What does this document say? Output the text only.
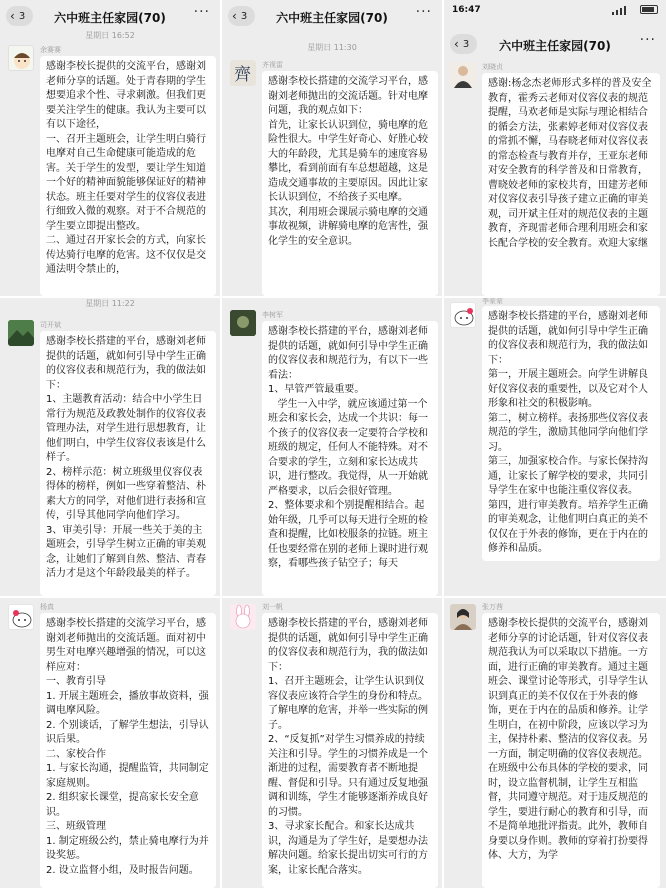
‹ 3	六中班主任家园(70)	···
星期日 16:52
余赛赛
感谢李校长提供的交流平台，感谢刘老师分享的话题。处于青春期的学生想要追求个性、寻求刺激。但我们更要关注学生的健康。我认为主要可以有以下途径，
一、召开主题班会，让学生明白骑行电摩对自己生命健康可能造成的危害。关于学生的发型，要让学生知道一个好的精神面貌能够保证好的精神状态。班主任要对学生的仪容仪表进行细致入微的观察。对于不合规范的学生要立即提出整改。
二、通过召开家长会的方式，向家长传达骑行电摩的危害。这不仅仅是交通法明令禁止的，
‹ 3	六中班主任家园(70)	···
星期日 11:30
齊 齐视雷
感谢李校长搭建的交流学习平台，感谢刘老师抛出的交流话题。针对电摩问题，我的观点如下：
首先，让家长认识到位，骑电摩的危险性很大。中学生好奇心、好胜心较大的年龄段，尤其是骑车的速度容易攀比，看到前面有车总想超越，这是造成交通事故的主要原因。因此让家长认识到位，不给孩子买电摩。
其次，利用班会课展示骑电摩的交通事故视频，讲解骑电摩的危害性，强化学生的安全意识。
16:47
‹ 3	六中班主任家园(70)	···
刘晓贞
感谢:杨念杰老师形式多样的普及安全教育，霍秀云老师对仪容仪表的规范提醒，马欢老师是实际与理论相结合的循会方法，张素婷老师对仪容仪表的常抓不懈，马春晓老师对仪容仪表的常态检查与教育并存，王亚东老师对安全教育的科学普及和日常教育，曹晓姣老师的家校共育，田建芳老师对仪容仪表引导孩子建立正确的审美观，司开斌主任对的规范仪表的主题教育，齐现雷老师合理利用班会和家长配合学校的安全教育。欢迎大家继
星期日 11:22
司开斌
感谢李校长搭建的平台，感谢刘老师提供的话题，就如何引导中学生正确的仪容仪表和规范行为，我的做法如下：
1、主题教育活动：结合中小学生日常行为规范及政教处制作的仪容仪表管理办法，对学生进行思想教育，让他们明白，中学生仪容仪表该是什么样子。
2、榜样示范：树立班级里仪容仪表得体的榜样，例如一些穿着整洁、朴素大方的同学，对他们进行表扬和宣传，引导其他同学向他们学习。
3、审美引导：开展一些关于美的主题班会，引导学生树立正确的审美观念，让她们了解到自然、整洁、青春活力才是这个年龄段最美的样子。
李树军
感谢李校长搭建的平台，感谢刘老师提供的话题，就如何引导中学生正确的仪容仪表和规范行为，有以下一些看法：
1、早管严管最重要。
学生一入中学，就应该通过第一个班会和家长会，达成一个共识：每一个孩子的仪容仪表一定要符合学校和班级的规定，任何人不能特殊。对不合要求的学生，立刻和家长达成共识，进行整改。我觉得，从一开始就严格要求，以后会很好管理。
2、整体要求和个别提醒相结合。起始年级，几乎可以每天进行全班的检查和提醒，比如校服条的拉链。班主任也要经常在别的老师上课时进行观察，看哪些孩子钻空子；每天
李蒙蒙
感谢李校长搭建的平台，感谢刘老师提供的话题，就如何引导中学生正确的仪容仪表和规范行为，我的做法如下：
第一，开展主题班会。向学生讲解良好仪容仪表的重要性，以及它对个人形象和社交的积极影响。
第二，树立榜样。表扬那些仪容仪表规范的学生，激励其他同学向他们学习。
第三，加强家校合作。与家长保持沟通，让家长了解学校的要求，共同引导学生在家中也能注重仪容仪表。
第四，进行审美教育。培养学生正确的审美观念，让他们明白真正的美不仅仅在于外表的修饰，更在于内在的修养和品质。
杨真
感谢李校长搭建的交流学习平台，感谢刘老师抛出的交流话题。面对初中男生对电摩兴趣增强的情况，可以这样应对：
一、教育引导
1. 开展主题班会，播放事故资料，强调电摩风险。
2. 个别谈话，了解学生想法，引导认识后果。
二、家校合作
1. 与家长沟通，提醒监管，共同制定家庭规则。
2. 组织家长课堂，提高家长安全意识。
三、班级管理
1. 制定班级公约，禁止骑电摩行为并设奖惩。
2. 设立监督小组，及时报告问题。
刘一帆
感谢李校长搭建的平台，感谢刘老师提供的话题，就如何引导中学生正确的仪容仪表和规范行为，我的做法如下：
1、召开主题班会，让学生认识到仪容仪表应该符合学生的身份和特点。了解电摩的危害，并举一些实际的例子。
2、“反复抓”对学生习惯养成的持续关注和引导。学生的习惯养成是一个渐进的过程，需要教育者不断地提醒、督促和引导。只有通过反复地强调和训练，学生才能够逐渐养成良好的习惯。
3、寻求家长配合。和家长达成共识，沟通是为了学生好，是要想办法解决问题。给家长提出切实可行的方案，让家长配合落实。
张万茜
感谢李校长提供的交流平台，感谢刘老师分享的讨论话题，针对仪容仪表规范我认为可以采取以下措施。一方面，进行正确的审美教育。通过主题班会、课堂讨论等形式，引导学生认识到真正的美不仅仅在于外表的修饰，更在于内在的品质和修养。让学生明白，在初中阶段，应该以学习为主，保持朴素、整洁的仪容仪表。另一方面，制定明确的仪容仪表规范。在班级中公布具体的学校的要求，同时，设立监督机制，让学生互相监督，共同遵守规范。对于违反规范的学生，要进行耐心的教育和引导，而不是简单地批评指责。此外，教师自身要以身作则。教师的穿着打扮要得体、大方，为学
